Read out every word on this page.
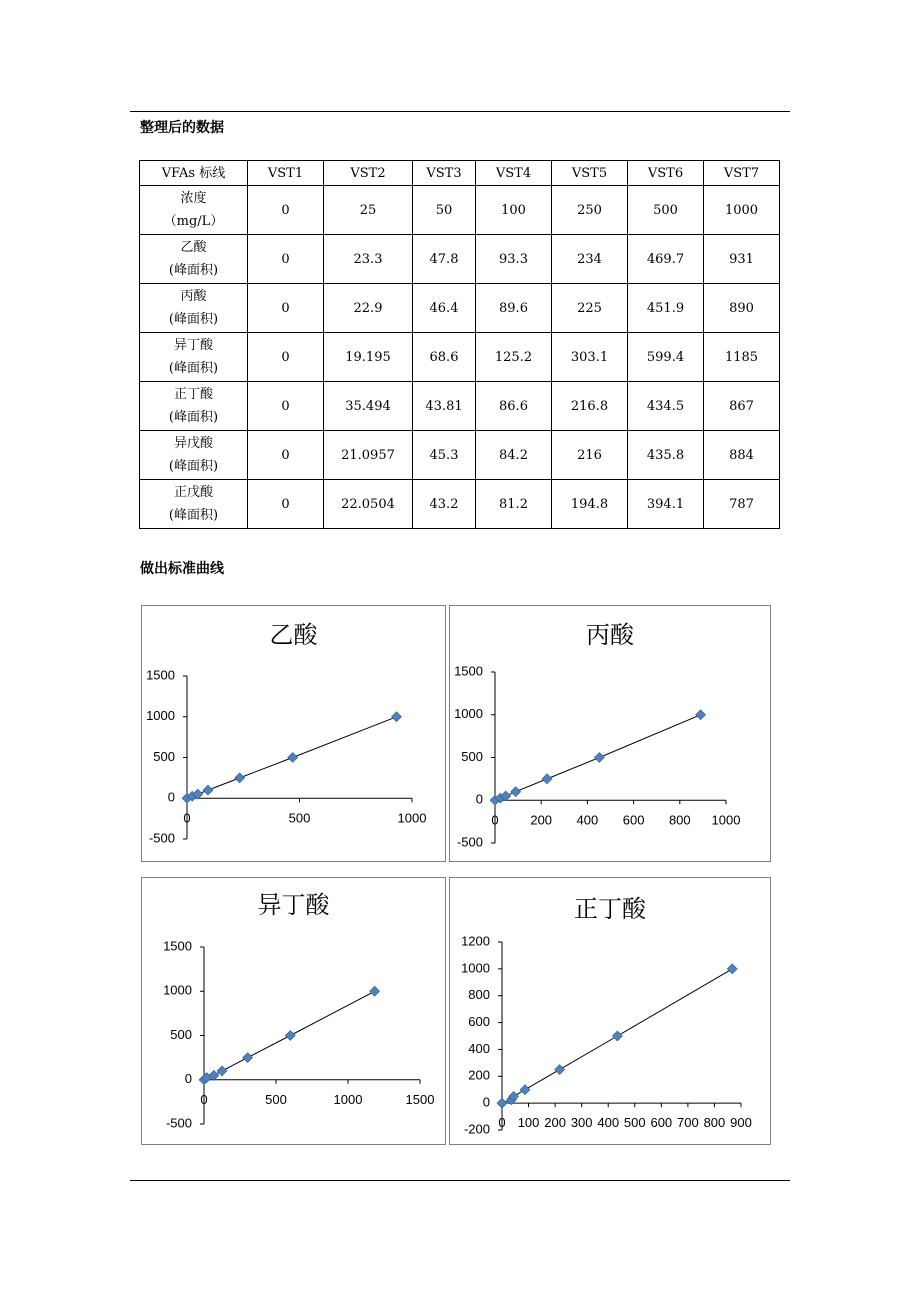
整理后的数据
VFAs 标线	VST1	VST2	VST3	VST4	VST5	VST6	VST7

浓度
（mg/L）	0	25	50	100	250	500	1000

乙酸
(峰面积)	0	23.3	47.8	93.3	234	469.7	931

丙酸
(峰面积)	0	22.9	46.4	89.6	225	451.9	890

异丁酸
(峰面积)	0	19.195	68.6	125.2	303.1	599.4	1185

正丁酸
(峰面积)	0	35.494	43.81	86.6	216.8	434.5	867

异戊酸
(峰面积)	0	21.0957	45.3	84.2	216	435.8	884

正戊酸
(峰面积)	0	22.0504	43.2	81.2	194.8	394.1	787
做出标准曲线
乙酸
-500
0
500
1000
1500
0	500	1000
丙酸
-500
0
500
1000
1500
0 200 400 600 800 1000
异丁酸
-500
0
500
1000
1500
0	500	1000	1500
正丁酸
-200
0
200
400
600
800
1000
1200
0 100 200 300 400 500 600 700 800 900
